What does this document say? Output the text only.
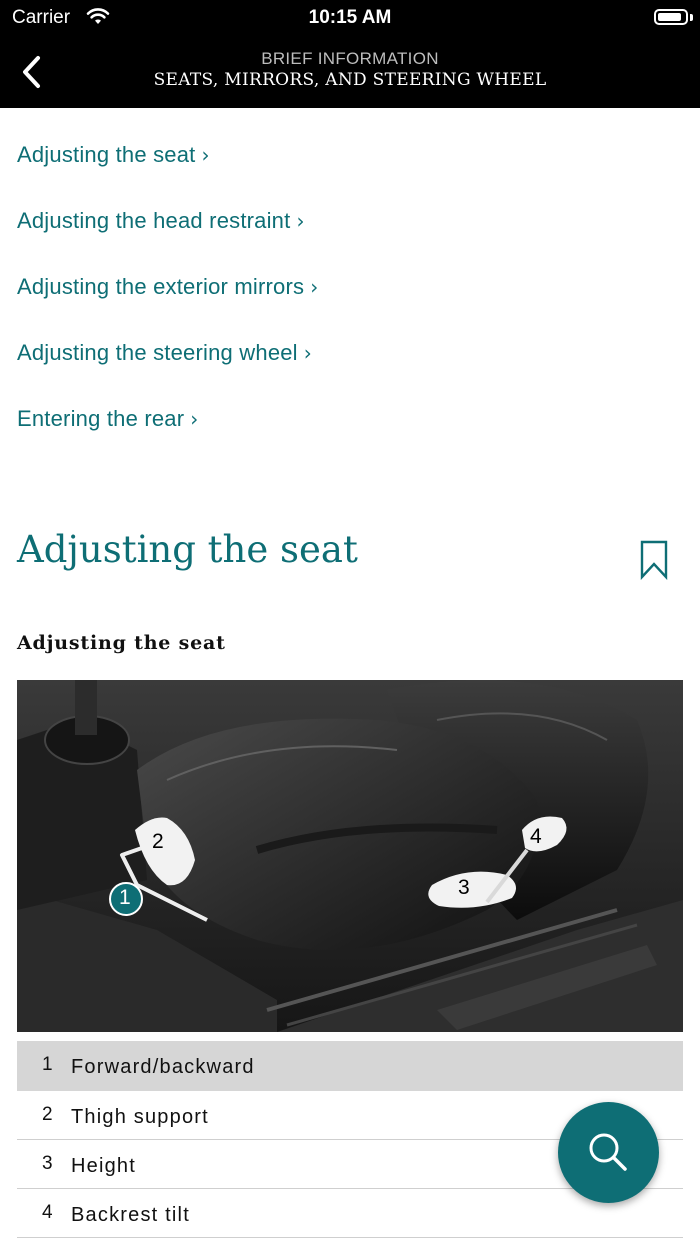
Carrier	10:15 AM
BRIEF INFORMATION
SEATS, MIRRORS, AND STEERING WHEEL
Adjusting the seat ›
Adjusting the head restraint ›
Adjusting the exterior mirrors ›
Adjusting the steering wheel ›
Entering the rear ›
Adjusting the seat
Adjusting the seat
2
1	3
4
1 Forward/backward
2 Thigh support
3 Height
4 Backrest tilt
